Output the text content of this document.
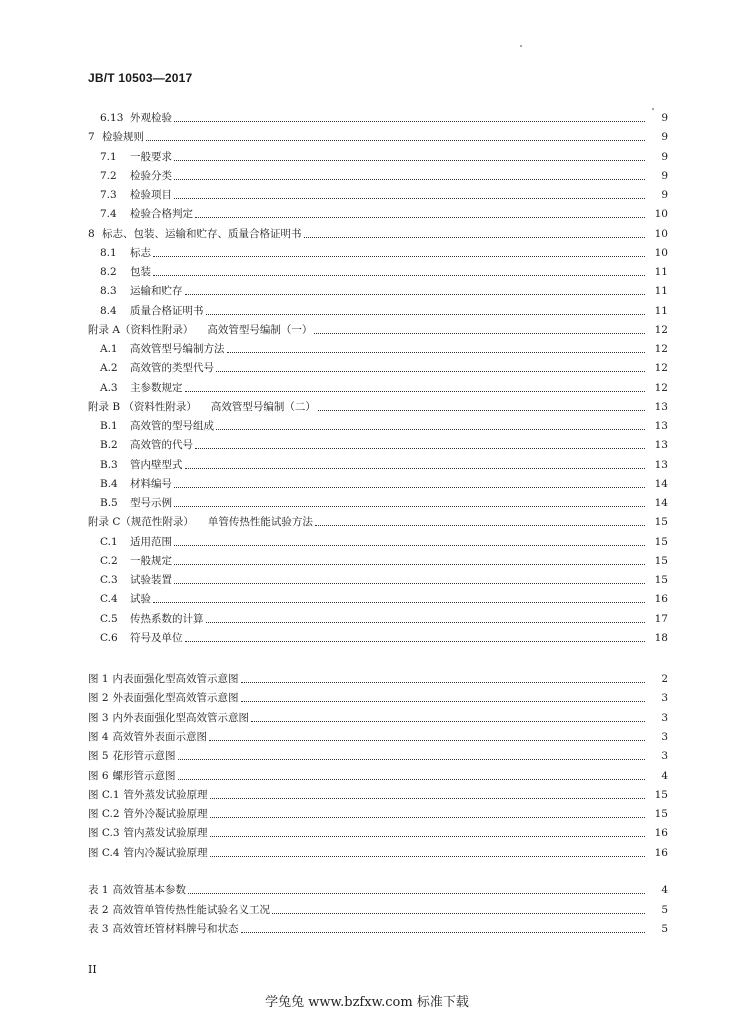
JB/T 10503—2017
6.13 外观检验	9
7 检验规则	9
7.1	一般要求	9
7.2	检验分类	9
7.3	检验项目	9
7.4	检验合格判定	10
8 标志、包装、运输和贮存、质量合格证明书	10
8.1	标志	10
8.2	包装	11
8.3	运输和贮存	11
8.4	质量合格证明书	11
附录 A（资料性附录）	高效管型号编制（一）	12
A.1	高效管型号编制方法	12
A.2	高效管的类型代号	12
A.3	主参数规定	12
附录 B （资料性附录）	高效管型号编制（二）	13
B.1	高效管的型号组成	13
B.2	高效管的代号	13
B.3	管内壁型式	13
B.4	材料编号	14
B.5	型号示例	14
附录 C（规范性附录）	单管传热性能试验方法	15
C.1	适用范围	15
C.2	一般规定	15
C.3	试验装置	15
C.4	试验	16
C.5	传热系数的计算	17
C.6	符号及单位	18
图 1 内表面强化型高效管示意图	2
图 2 外表面强化型高效管示意图	3
图 3 内外表面强化型高效管示意图	3
图 4 高效管外表面示意图	3
图 5 花形管示意图	3
图 6 螺形管示意图	4
图 C.1 管外蒸发试验原理	15
图 C.2 管外冷凝试验原理	15
图 C.3 管内蒸发试验原理	16
图 C.4 管内冷凝试验原理	16
表 1 高效管基本参数	4
表 2 高效管单管传热性能试验名义工况	5
表 3 高效管坯管材料牌号和状态	5
II
学兔兔 www.bzfxw.com 标准下载
